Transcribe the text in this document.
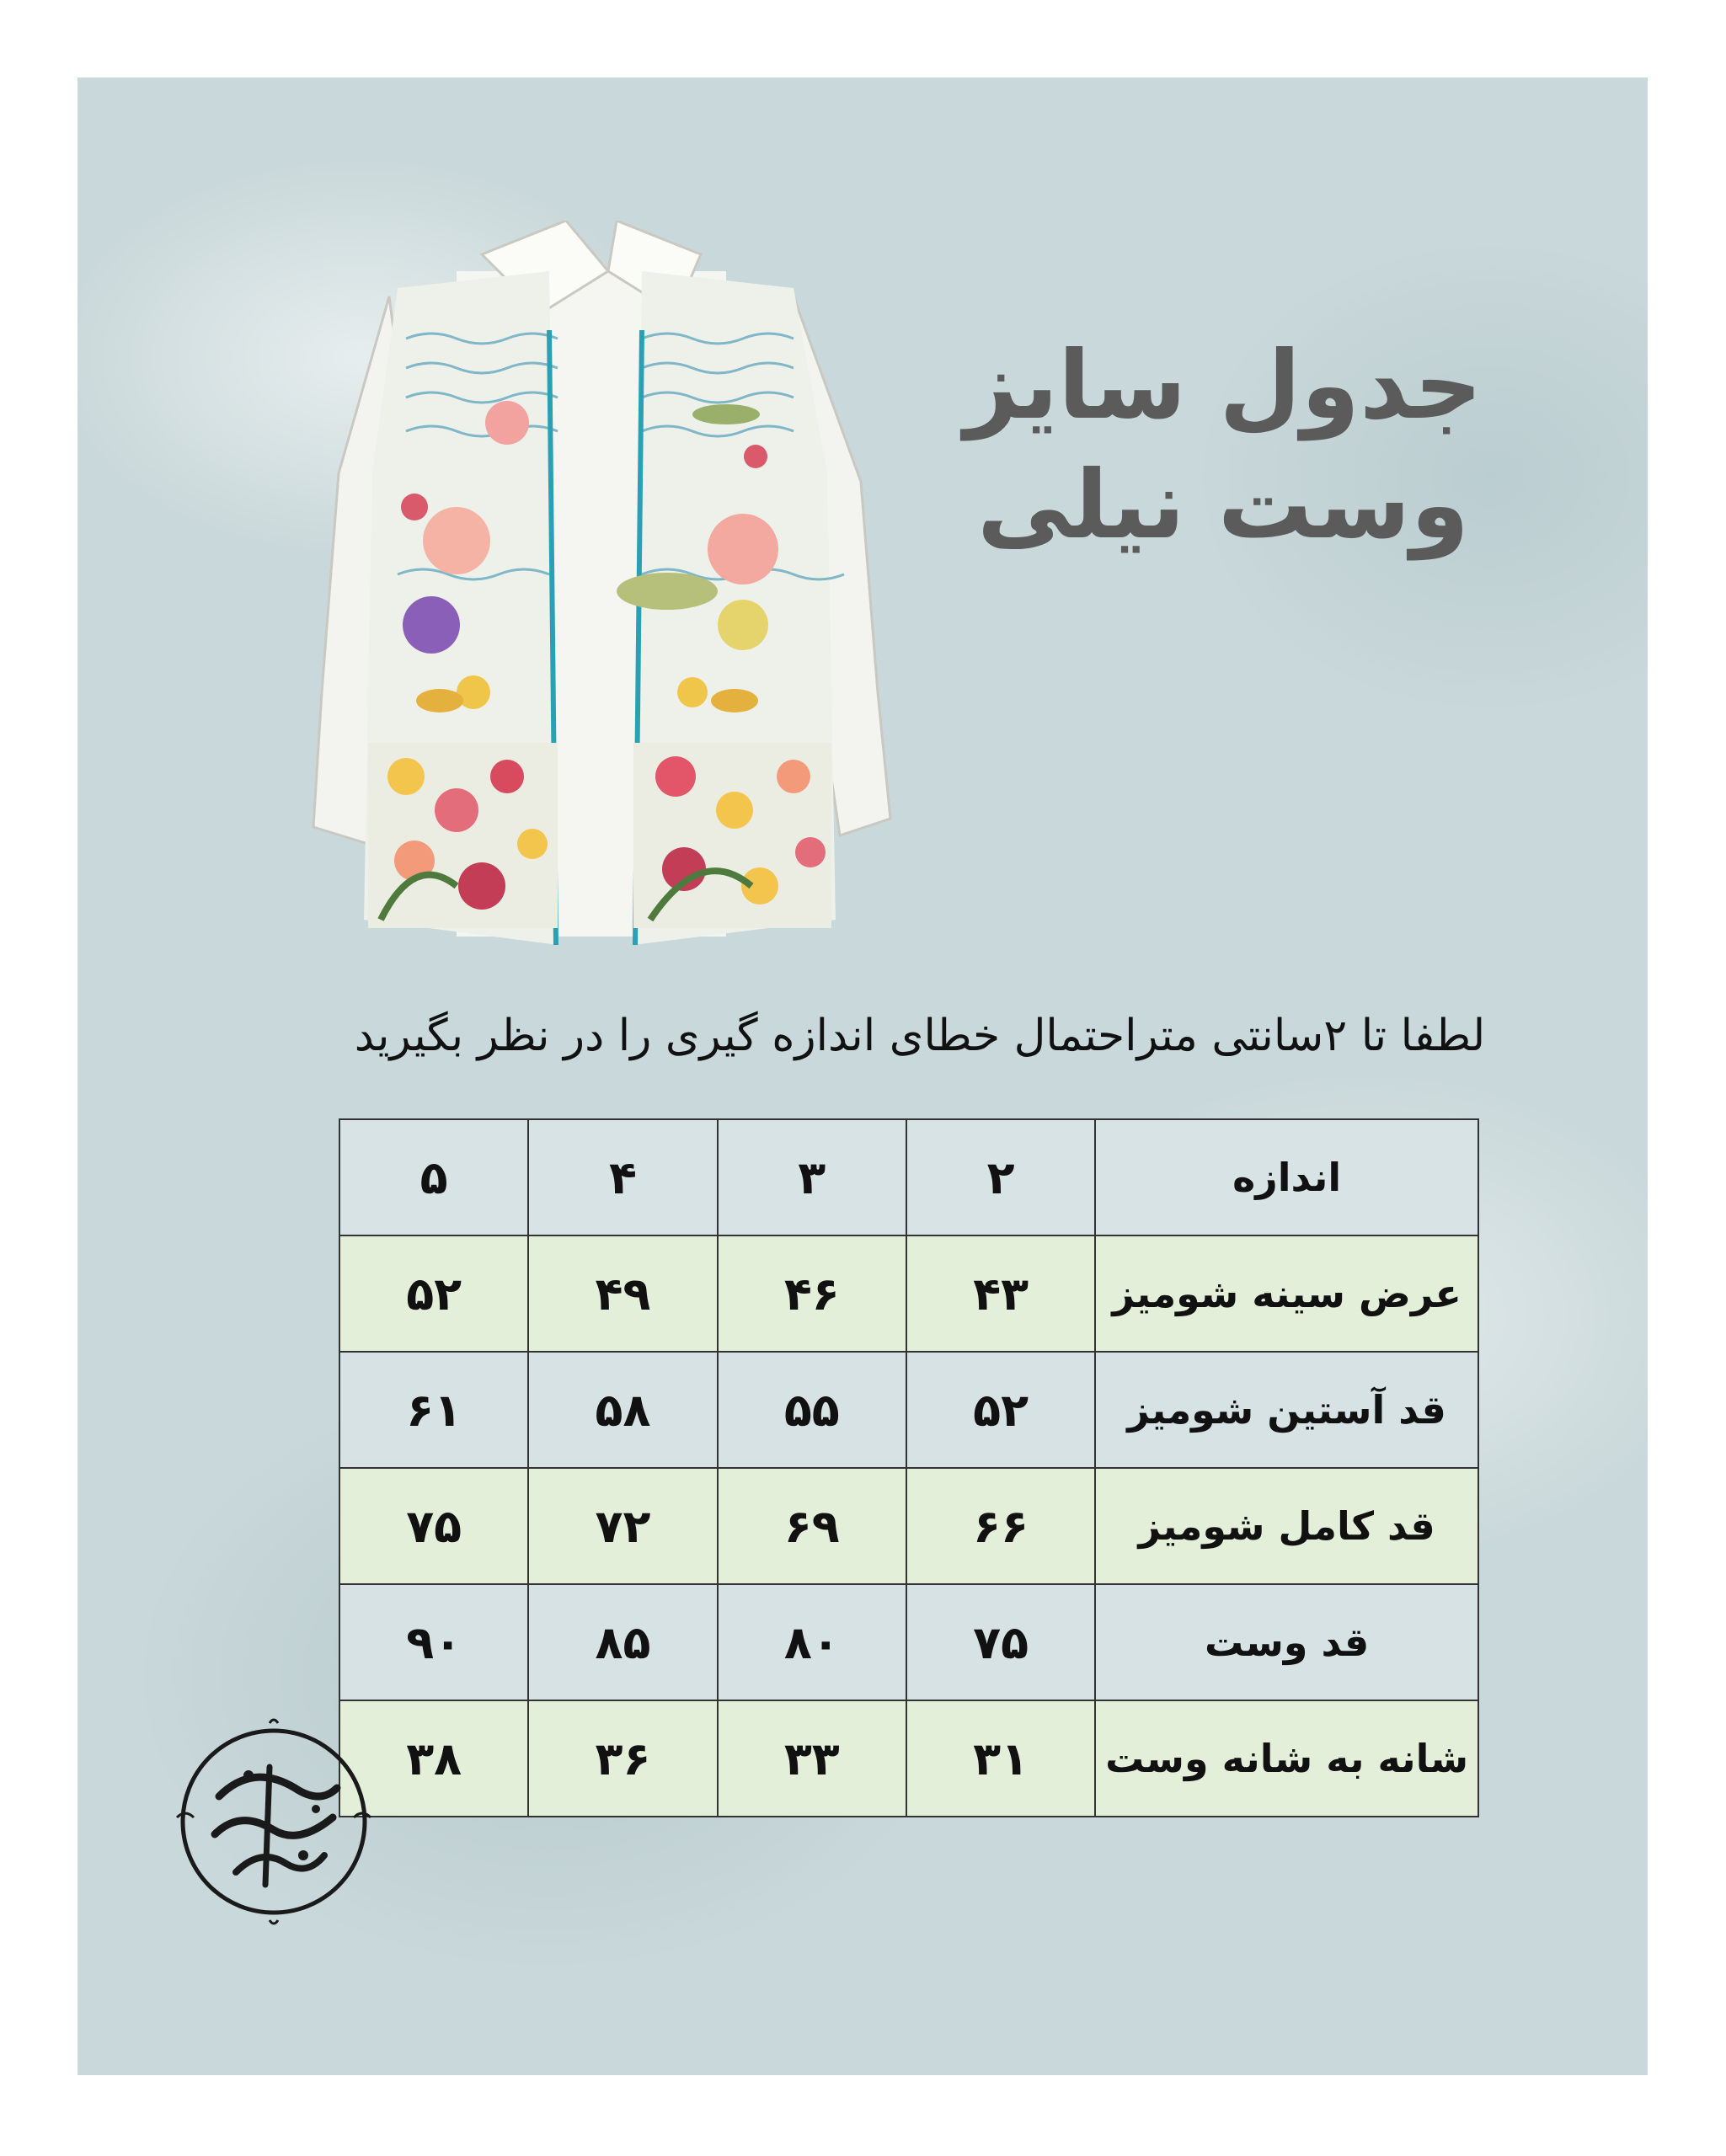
جدول سایز
وست نیلی
لطفا تا ۲سانتی متراحتمال خطای اندازه گیری را در نظر بگیرید
اندازه	۲	۳	۴	۵
عرض سینه شومیز	۴۳	۴۶	۴۹	۵۲
قد آستین شومیز	۵۲	۵۵	۵۸	۶۱
قد کامل شومیز	۶۶	۶۹	۷۲	۷۵
قد وست	۷۵	۸۰	۸۵	۹۰
شانه به شانه وست	۳۱	۳۳	۳۶	۳۸
